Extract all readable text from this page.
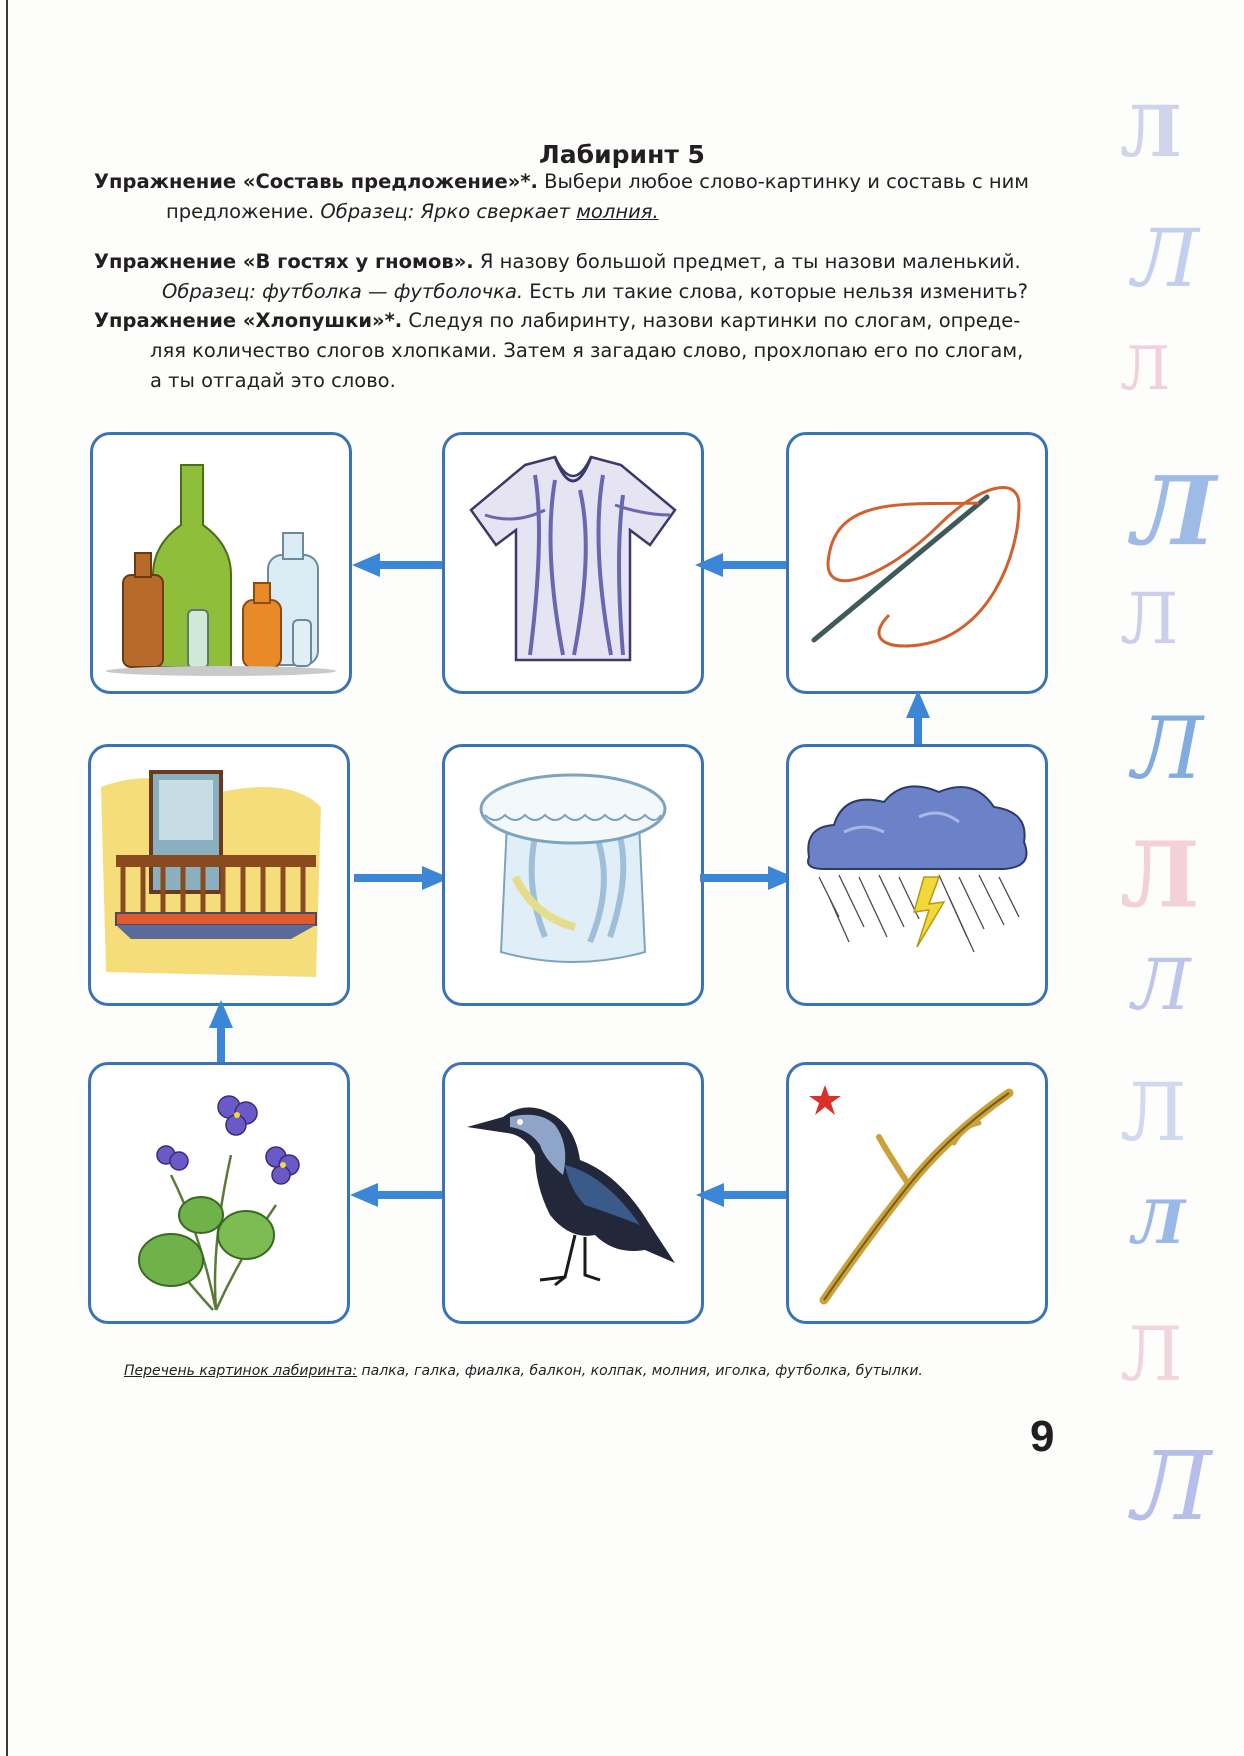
Лабиринт 5
Упражнение «Составь предложение»*. Выбери любое слово-картинку и составь с ним
предложение. Образец: Ярко сверкает молния.
Упражнение «В гостях у гномов». Я назову большой предмет, а ты назови маленький.
Образец: футболка — футболочка. Есть ли такие слова, которые нельзя изменить?
Упражнение «Хлопушки»*. Следуя по лабиринту, назови картинки по слогам, опреде-
ляя количество слогов хлопками. Затем я загадаю слово, прохлопаю его по слогам,
а ты отгадай это слово.
Перечень картинок лабиринта: палка, галка, фиалка, балкон, колпак, молния, иголка, футболка, бутылки.
9
Л
Л
Л
Л
Л
Л
Л
Л
Л
Л
Л
Л
